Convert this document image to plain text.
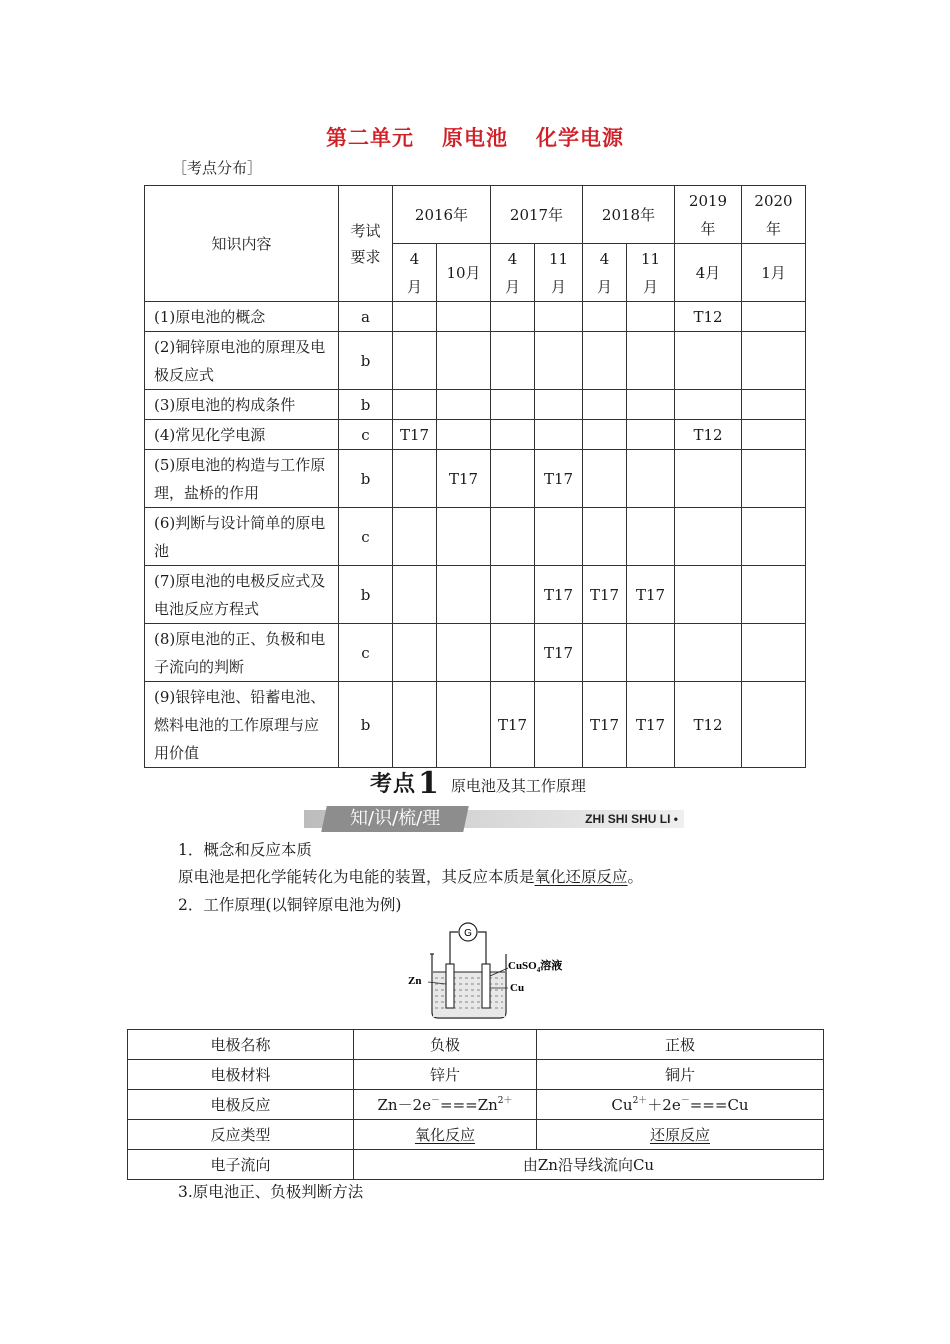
第二单元 原电池 化学电源
［考点分布］
知识内容	考试要求	2016年		2017年		2018年		2019年	2020年
		4月	10月	4月	11月	4月	11月	4月	1月
(1)原电池的概念	a							T12	
(2)铜锌原电池的原理及电极反应式	b								
(3)原电池的构成条件	b								
(4)常见化学电源	c	T17						T12	
(5)原电池的构造与工作原理，盐桥的作用	b		T17		T17				
(6)判断与设计简单的原电池	c								
(7)原电池的电极反应式及电池反应方程式	b				T17	T17	T17		
(8)原电池的正、负极和电子流向的判断	c				T17				
(9)银锌电池、铅蓄电池、燃料电池的工作原理与应用价值	b			T17		T17	T17	T12	
考点1 原电池及其工作原理
知/识/梳/理	ZHI SHI SHU LI •
1．概念和反应本质
原电池是把化学能转化为电能的装置，其反应本质是氧化还原反应。
2．工作原理(以铜锌原电池为例)
G
Zn
CuSO$_4$溶液
Cu
电极名称	负极	正极
电极材料	锌片	铜片
电极反应	$Zn-2e^-===Zn^{2+}$	$Cu^{2+}+2e^-===Cu$
反应类型	氧化反应	还原反应
电子流向	由Zn沿导线流向Cu	
3.原电池正、负极判断方法
